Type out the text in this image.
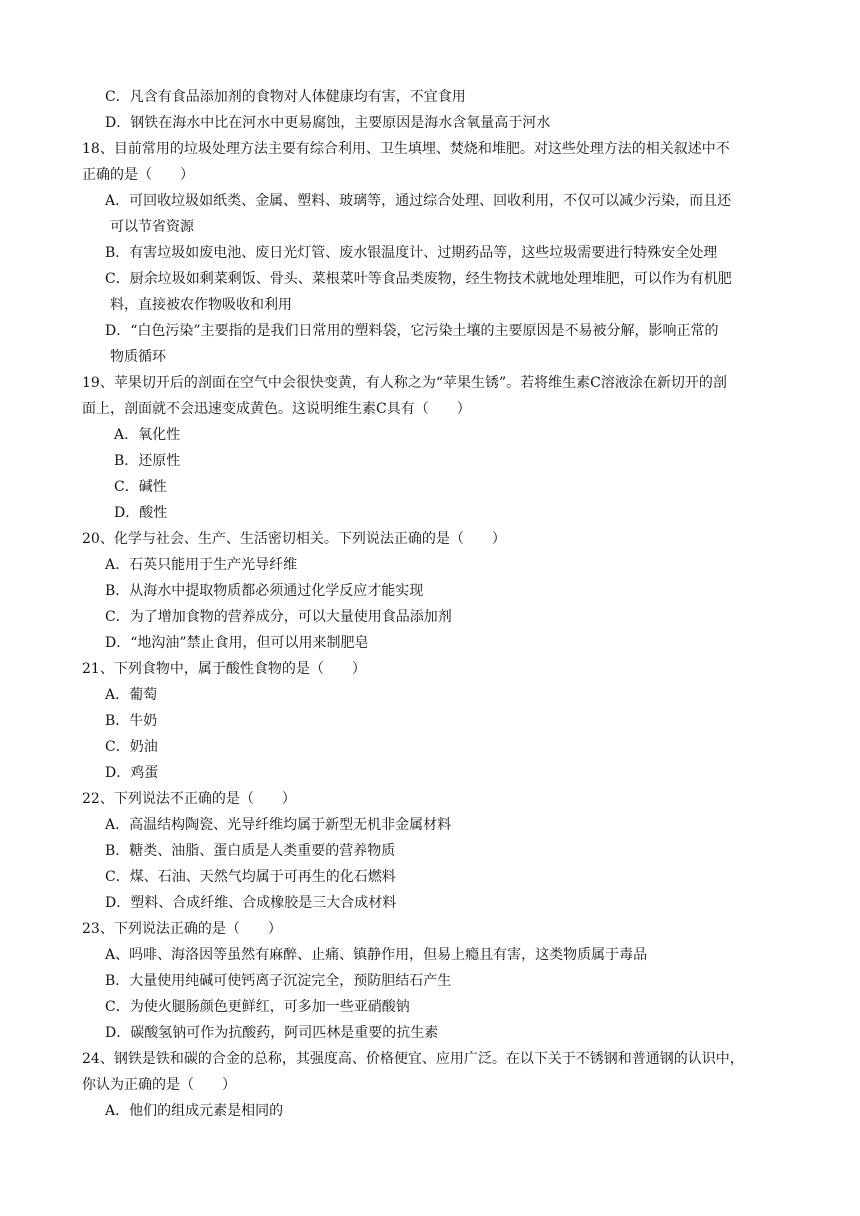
C．凡含有食品添加剂的食物对人体健康均有害，不宜食用
D．钢铁在海水中比在河水中更易腐蚀，主要原因是海水含氧量高于河水
18、目前常用的垃圾处理方法主要有综合利用、卫生填埋、焚烧和堆肥。对这些处理方法的相关叙述中不
正确的是（　　）
A．可回收垃圾如纸类、金属、塑料、玻璃等，通过综合处理、回收利用，不仅可以减少污染，而且还
可以节省资源
B．有害垃圾如废电池、废日光灯管、废水银温度计、过期药品等，这些垃圾需要进行特殊安全处理
C．厨余垃圾如剩菜剩饭、骨头、菜根菜叶等食品类废物，经生物技术就地处理堆肥，可以作为有机肥
料，直接被农作物吸收和利用
D．“白色污染”主要指的是我们日常用的塑料袋，它污染土壤的主要原因是不易被分解，影响正常的
物质循环
19、苹果切开后的剖面在空气中会很快变黄，有人称之为“苹果生锈”。若将维生素C溶液涂在新切开的剖
面上，剖面就不会迅速变成黄色。这说明维生素C具有（　　）
A．氧化性
B．还原性
C．碱性
D．酸性
20、化学与社会、生产、生活密切相关。下列说法正确的是（　　）
A．石英只能用于生产光导纤维
B．从海水中提取物质都必须通过化学反应才能实现
C．为了增加食物的营养成分，可以大量使用食品添加剂
D．“地沟油”禁止食用，但可以用来制肥皂
21、下列食物中，属于酸性食物的是（　　）
A．葡萄
B．牛奶
C．奶油
D．鸡蛋
22、下列说法不正确的是（　　）
A．高温结构陶瓷、光导纤维均属于新型无机非金属材料
B．糖类、油脂、蛋白质是人类重要的营养物质
C．煤、石油、天然气均属于可再生的化石燃料
D．塑料、合成纤维、合成橡胶是三大合成材料
23、下列说法正确的是（　　）
A、吗啡、海洛因等虽然有麻醉、止痛、镇静作用，但易上瘾且有害，这类物质属于毒品
B．大量使用纯碱可使钙离子沉淀完全，预防胆结石产生
C．为使火腿肠颜色更鲜红，可多加一些亚硝酸钠
D．碳酸氢钠可作为抗酸药，阿司匹林是重要的抗生素
24、钢铁是铁和碳的合金的总称，其强度高、价格便宜、应用广泛。在以下关于不锈钢和普通钢的认识中，
你认为正确的是（　　）
A．他们的组成元素是相同的
